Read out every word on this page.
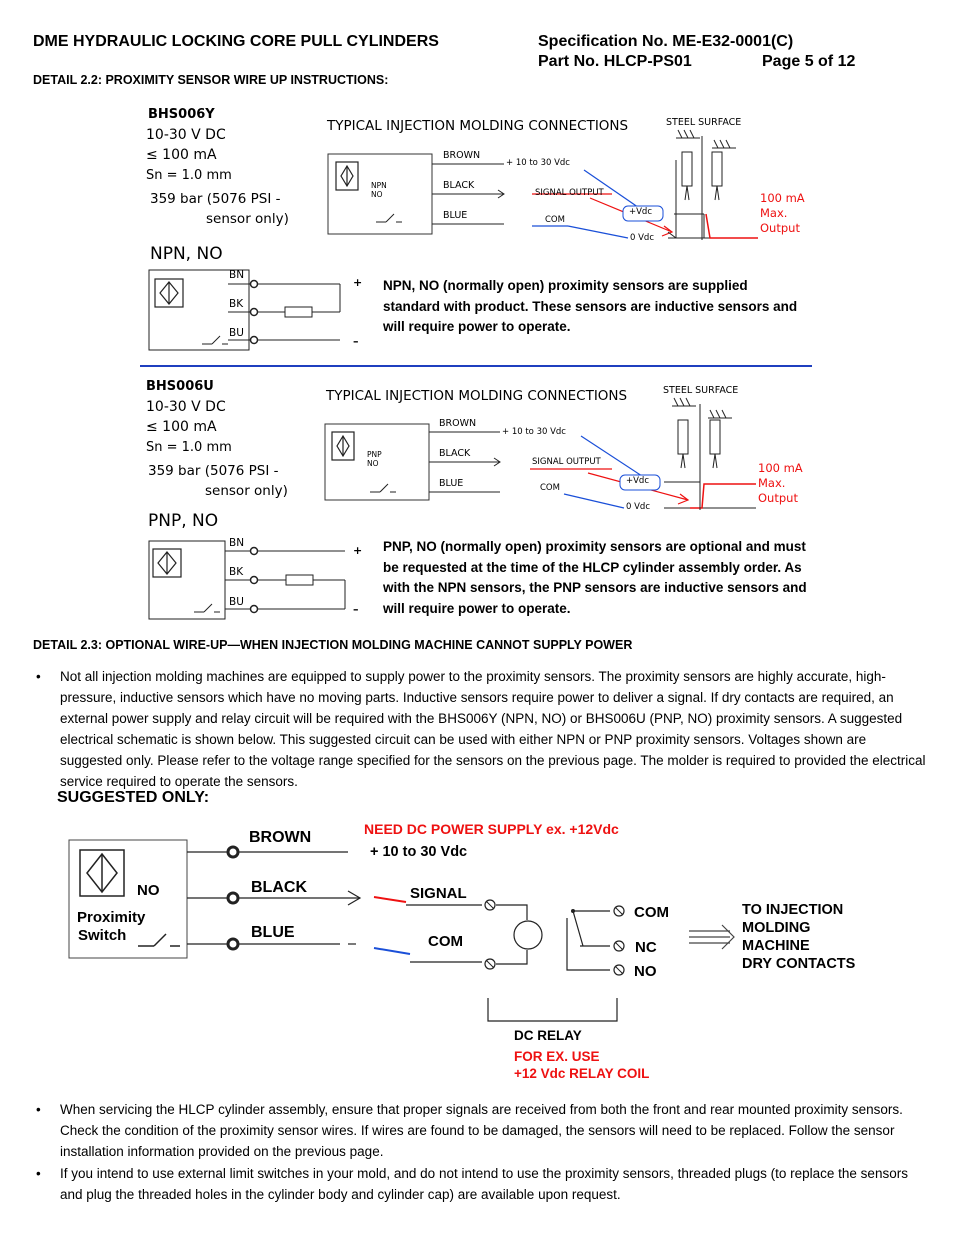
DME HYDRAULIC LOCKING CORE PULL CYLINDERS	Specification No. ME-E32-0001(C)
Part No. HLCP-PS01	Page 5 of 12
DETAIL 2.2: PROXIMITY SENSOR WIRE UP INSTRUCTIONS:
BHS006Y
10-30 V DC
≤ 100 mA
Sn = 1.0 mm
359 bar (5076 PSI -
sensor only)
NPN, NO
TYPICAL INJECTION MOLDING CONNECTIONS
NPN
NO
BROWN
BLACK
BLUE
+ 10 to 30 Vdc
SIGNAL OUTPUT
COM
+Vdc
0 Vdc
STEEL SURFACE
100 mA
Max.
Output
BN
BK
BU
+
–
NPN, NO (normally open) proximity sensors are supplied standard with product. These sensors are inductive sensors and will require power to operate.
BHS006U
10-30 V DC
≤ 100 mA
Sn = 1.0 mm
359 bar (5076 PSI -
sensor only)
PNP, NO
TYPICAL INJECTION MOLDING CONNECTIONS
PNP
NO
BROWN
BLACK
BLUE
+ 10 to 30 Vdc
SIGNAL OUTPUT
COM
+Vdc
0 Vdc
STEEL SURFACE
100 mA
Max.
Output
BN
BK
BU
+
–
PNP, NO (normally open) proximity sensors are optional and must be requested at the time of the HLCP cylinder assembly order. As with the NPN sensors, the PNP sensors are inductive sensors and will require power to operate.
DETAIL 2.3: OPTIONAL WIRE-UP—WHEN INJECTION MOLDING MACHINE CANNOT SUPPLY POWER
• Not all injection molding machines are equipped to supply power to the proximity sensors. The proximity sensors are highly accurate, high-pressure, inductive sensors which have no moving parts. Inductive sensors require power to deliver a signal. If dry contacts are required, an external power supply and relay circuit will be required with the BHS006Y (NPN, NO) or BHS006U (PNP, NO) proximity sensors. A suggested electrical schematic is shown below. This suggested circuit can be used with either NPN or PNP proximity sensors. Voltages shown are suggested only. Please refer to the voltage range specified for the sensors on the previous page. The molder is required to provided the electrical service required to operate the sensors.
SUGGESTED ONLY:
NEED DC POWER SUPPLY ex. +12Vdc
+ 10 to 30 Vdc
BROWN
BLACK
BLUE
NO
Proximity
Switch
SIGNAL
COM
COM
NC
NO
TO INJECTION
MOLDING
MACHINE
DRY CONTACTS
DC RELAY
FOR EX. USE
+12 Vdc RELAY COIL
• When servicing the HLCP cylinder assembly, ensure that proper signals are received from both the front and rear mounted proximity sensors. Check the condition of the proximity sensor wires. If wires are found to be damaged, the sensors will need to be replaced. Follow the sensor installation information provided on the previous page.
• If you intend to use external limit switches in your mold, and do not intend to use the proximity sensors, threaded plugs (to replace the sensors and plug the threaded holes in the cylinder body and cylinder cap) are available upon request.
